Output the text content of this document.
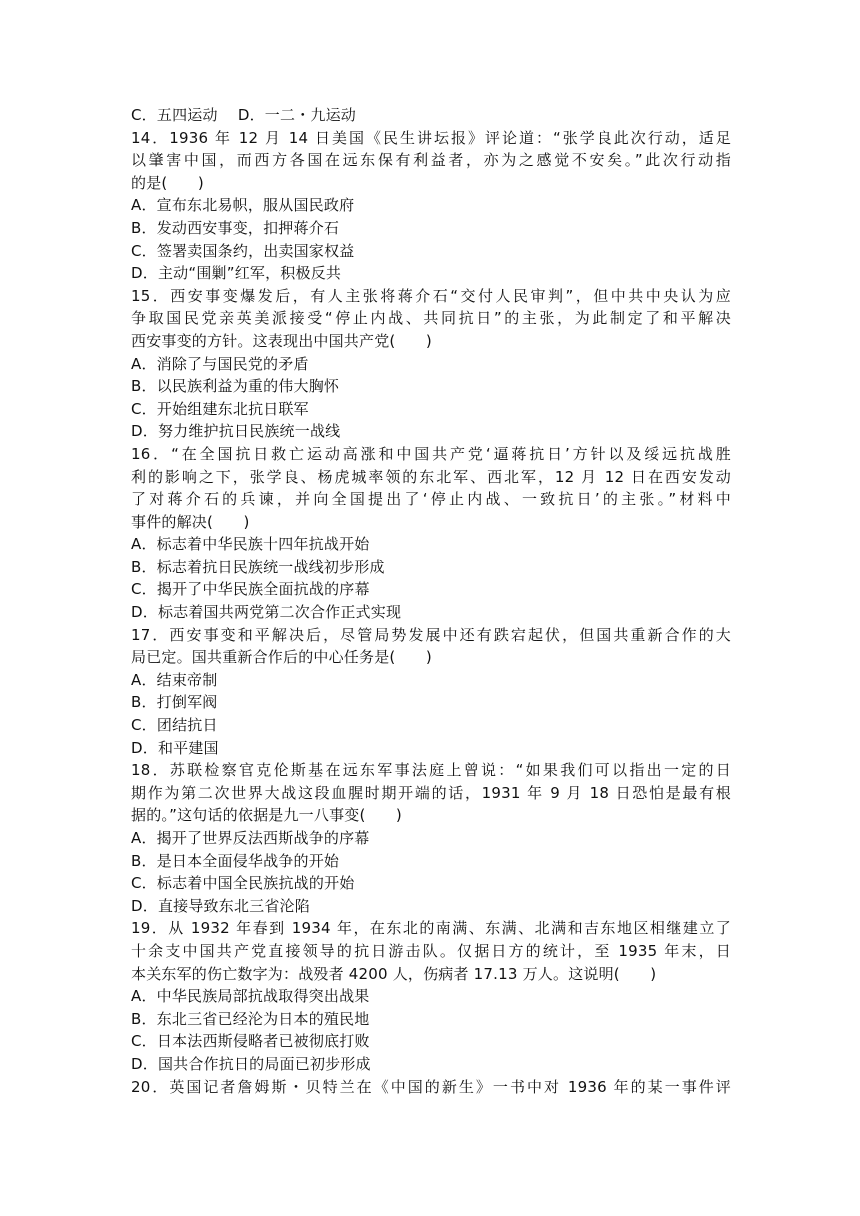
C．五四运动　 D．一二・九运动
14．1936 年 12 月 14 日美国《民生讲坛报》评论道：“张学良此次行动，适足
以肇害中国，而西方各国在远东保有利益者，亦为之感觉不安矣。”此次行动指
的是(　　)
A．宣布东北易帜，服从国民政府
B．发动西安事变，扣押蒋介石
C．签署卖国条约，出卖国家权益
D．主动“围剿”红军，积极反共
15．西安事变爆发后，有人主张将蒋介石“交付人民审判”，但中共中央认为应
争取国民党亲英美派接受“停止内战、共同抗日”的主张，为此制定了和平解决
西安事变的方针。这表现出中国共产党(　　)
A．消除了与国民党的矛盾
B．以民族利益为重的伟大胸怀
C．开始组建东北抗日联军
D．努力维护抗日民族统一战线
16．“在全国抗日救亡运动高涨和中国共产党‘逼蒋抗日’方针以及绥远抗战胜
利的影响之下，张学良、杨虎城率领的东北军、西北军，12 月 12 日在西安发动
了对蒋介石的兵谏，并向全国提出了‘停止内战、一致抗日’的主张。”材料中
事件的解决(　　)
A．标志着中华民族十四年抗战开始
B．标志着抗日民族统一战线初步形成
C．揭开了中华民族全面抗战的序幕
D．标志着国共两党第二次合作正式实现
17．西安事变和平解决后，尽管局势发展中还有跌宕起伏，但国共重新合作的大
局已定。国共重新合作后的中心任务是(　　)
A．结束帝制
B．打倒军阀
C．团结抗日
D．和平建国
18．苏联检察官克伦斯基在远东军事法庭上曾说：“如果我们可以指出一定的日
期作为第二次世界大战这段血腥时期开端的话，1931 年 9 月 18 日恐怕是最有根
据的。”这句话的依据是九一八事变(　　)
A．揭开了世界反法西斯战争的序幕
B．是日本全面侵华战争的开始
C．标志着中国全民族抗战的开始
D．直接导致东北三省沦陷
19．从 1932 年春到 1934 年，在东北的南满、东满、北满和吉东地区相继建立了
十余支中国共产党直接领导的抗日游击队。仅据日方的统计，至 1935 年末，日
本关东军的伤亡数字为：战殁者 4200 人，伤病者 17.13 万人。这说明(　　)
A．中华民族局部抗战取得突出战果
B．东北三省已经沦为日本的殖民地
C．日本法西斯侵略者已被彻底打败
D．国共合作抗日的局面已初步形成
20．英国记者詹姆斯・贝特兰在《中国的新生》一书中对 1936 年的某一事件评
